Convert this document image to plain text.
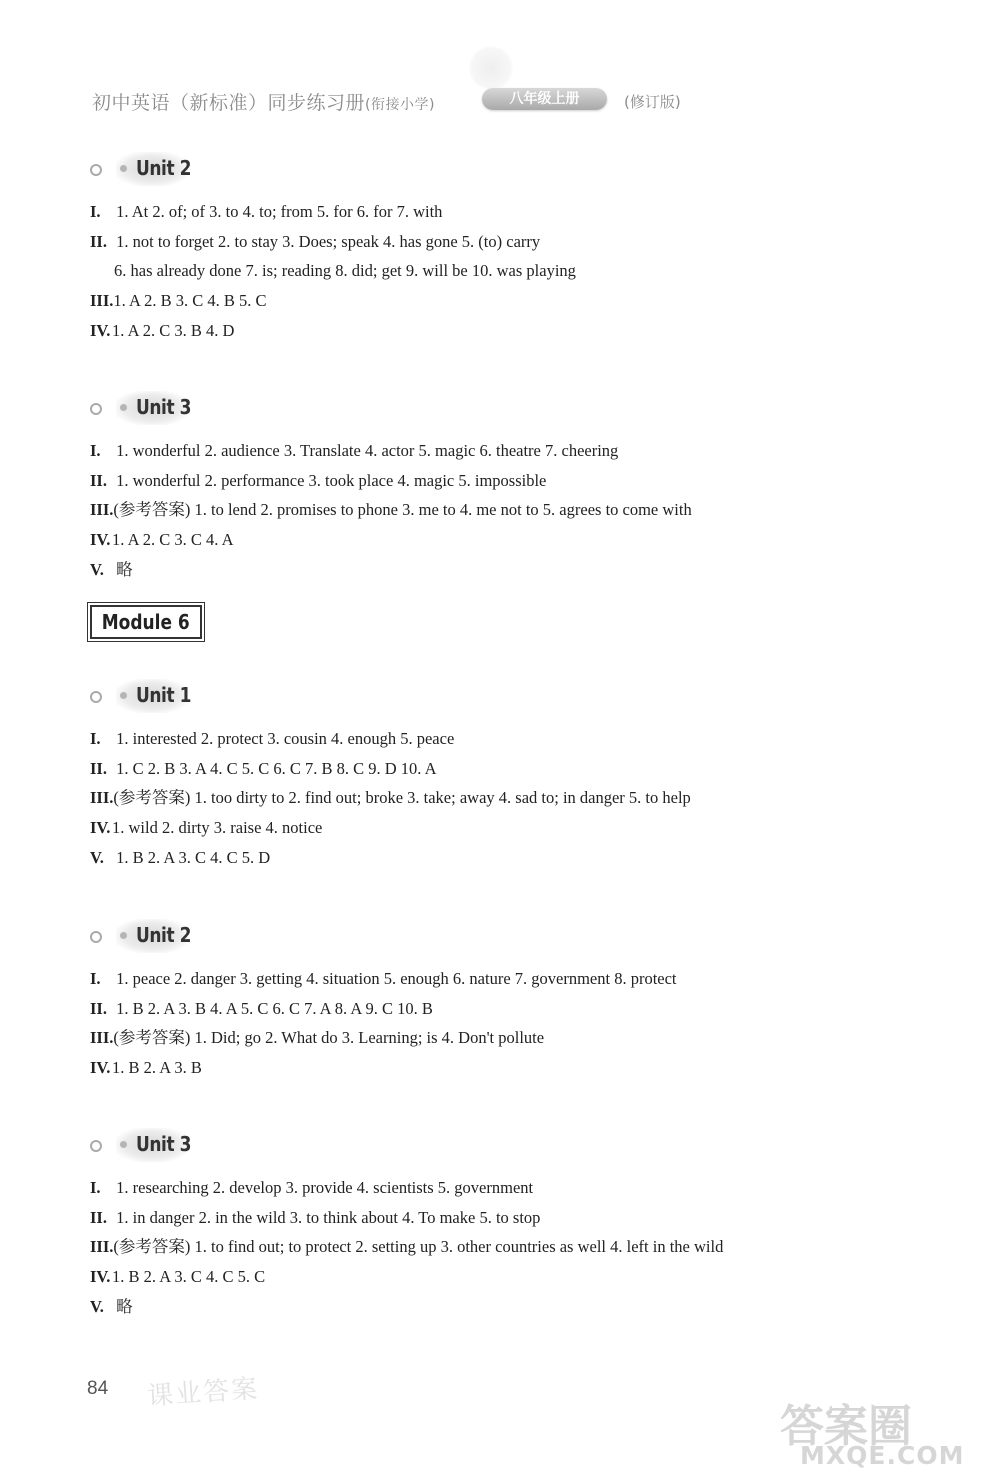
初中英语（新标准）同步练习册(衔接小学)	八年级上册	(修订版)
Unit 2
I. 1. At 2. of; of 3. to 4. to; from 5. for 6. for 7. with
II. 1. not to forget 2. to stay 3. Does; speak 4. has gone 5. (to) carry
6. has already done 7. is; reading 8. did; get 9. will be 10. was playing
III.1. A 2. B 3. C 4. B 5. C
IV. 1. A 2. C 3. B 4. D
Unit 3
I. 1. wonderful 2. audience 3. Translate 4. actor 5. magic 6. theatre 7. cheering
II. 1. wonderful 2. performance 3. took place 4. magic 5. impossible
III.(参考答案) 1. to lend 2. promises to phone 3. me to 4. me not to 5. agrees to come with
IV. 1. A 2. C 3. C 4. A
V. 略
Module 6
Unit 1
I. 1. interested 2. protect 3. cousin 4. enough 5. peace
II. 1. C 2. B 3. A 4. C 5. C 6. C 7. B 8. C 9. D 10. A
III.(参考答案) 1. too dirty to 2. find out; broke 3. take; away 4. sad to; in danger 5. to help
IV. 1. wild 2. dirty 3. raise 4. notice
V. 1. B 2. A 3. C 4. C 5. D
Unit 2
I. 1. peace 2. danger 3. getting 4. situation 5. enough 6. nature 7. government 8. protect
II. 1. B 2. A 3. B 4. A 5. C 6. C 7. A 8. A 9. C 10. B
III.(参考答案) 1. Did; go 2. What do 3. Learning; is 4. Don't pollute
IV. 1. B 2. A 3. B
Unit 3
I. 1. researching 2. develop 3. provide 4. scientists 5. government
II. 1. in danger 2. in the wild 3. to think about 4. To make 5. to stop
III.(参考答案) 1. to find out; to protect 2. setting up 3. other countries as well 4. left in the wild
IV. 1. B 2. A 3. C 4. C 5. C
V. 略
84 课业答案
答案圈
MXQE.COM
